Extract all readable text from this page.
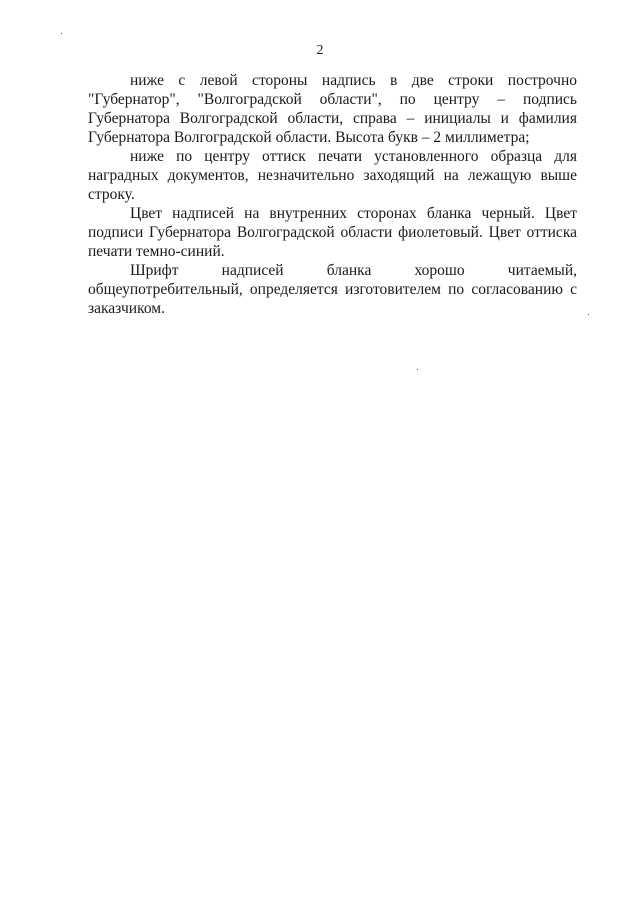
2

ниже с левой стороны надпись в две строки построчно "Губернатор", "Волгоградской области", по центру – подпись Губернатора Волгоградской области, справа – инициалы и фамилия Губернатора Волгоградской области. Высота букв – 2 миллиметра;

ниже по центру оттиск печати установленного образца для наградных документов, незначительно заходящий на лежащую выше строку.

Цвет надписей на внутренних сторонах бланка черный. Цвет подписи Губернатора Волгоградской области фиолетовый. Цвет оттиска печати темно-синий.

Шрифт надписей бланка хорошо читаемый, общеупотребительный, определяется изготовителем по согласованию с заказчиком.
